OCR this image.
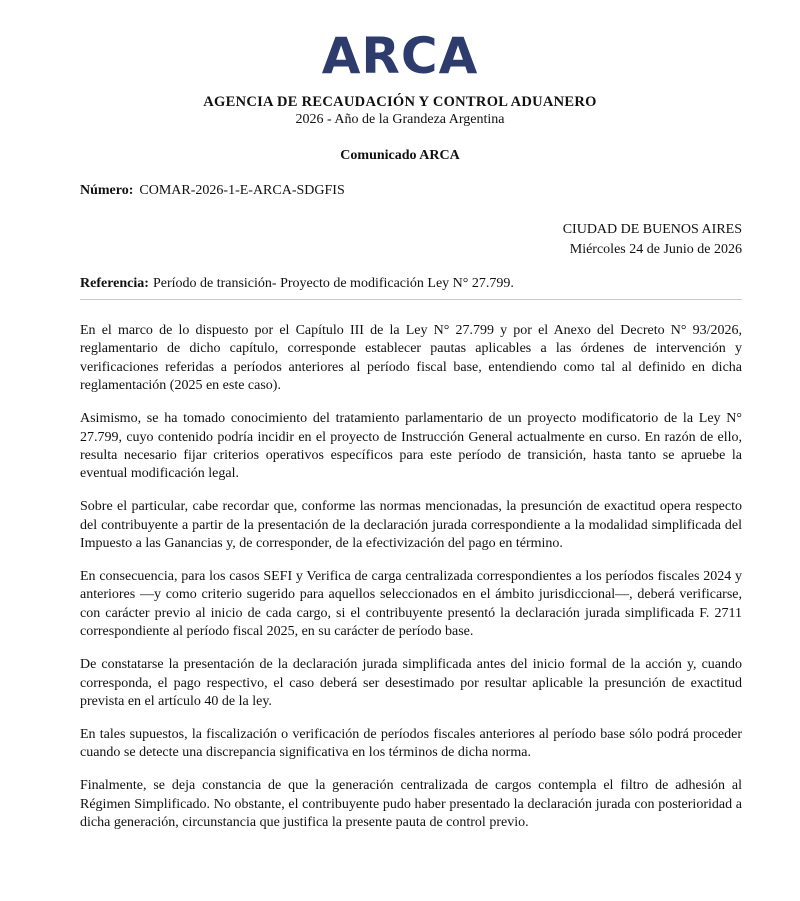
ARCA
AGENCIA DE RECAUDACIÓN Y CONTROL ADUANERO
2026 - Año de la Grandeza Argentina
Comunicado ARCA
Número: COMAR-2026-1-E-ARCA-SDGFIS
CIUDAD DE BUENOS AIRES
Miércoles 24 de Junio de 2026
Referencia: Período de transición- Proyecto de modificación Ley N° 27.799.

En el marco de lo dispuesto por el Capítulo III de la Ley N° 27.799 y por el Anexo del Decreto N° 93/2026, reglamentario de dicho capítulo, corresponde establecer pautas aplicables a las órdenes de intervención y verificaciones referidas a períodos anteriores al período fiscal base, entendiendo como tal al definido en dicha reglamentación (2025 en este caso).

Asimismo, se ha tomado conocimiento del tratamiento parlamentario de un proyecto modificatorio de la Ley N° 27.799, cuyo contenido podría incidir en el proyecto de Instrucción General actualmente en curso. En razón de ello, resulta necesario fijar criterios operativos específicos para este período de transición, hasta tanto se apruebe la eventual modificación legal.

Sobre el particular, cabe recordar que, conforme las normas mencionadas, la presunción de exactitud opera respecto del contribuyente a partir de la presentación de la declaración jurada correspondiente a la modalidad simplificada del Impuesto a las Ganancias y, de corresponder, de la efectivización del pago en término.

En consecuencia, para los casos SEFI y Verifica de carga centralizada correspondientes a los períodos fiscales 2024 y anteriores —y como criterio sugerido para aquellos seleccionados en el ámbito jurisdiccional—, deberá verificarse, con carácter previo al inicio de cada cargo, si el contribuyente presentó la declaración jurada simplificada F. 2711 correspondiente al período fiscal 2025, en su carácter de período base.

De constatarse la presentación de la declaración jurada simplificada antes del inicio formal de la acción y, cuando corresponda, el pago respectivo, el caso deberá ser desestimado por resultar aplicable la presunción de exactitud prevista en el artículo 40 de la ley.

En tales supuestos, la fiscalización o verificación de períodos fiscales anteriores al período base sólo podrá proceder cuando se detecte una discrepancia significativa en los términos de dicha norma.

Finalmente, se deja constancia de que la generación centralizada de cargos contempla el filtro de adhesión al Régimen Simplificado. No obstante, el contribuyente pudo haber presentado la declaración jurada con posterioridad a dicha generación, circunstancia que justifica la presente pauta de control previo.
